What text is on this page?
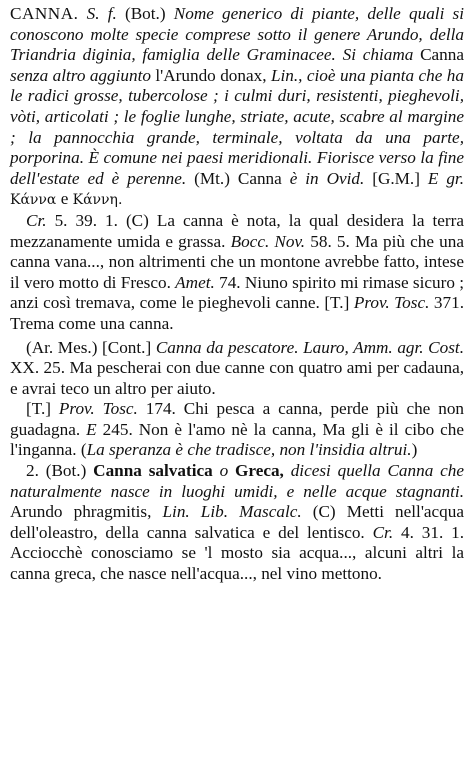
CANNA. S. f. (Bot.) Nome generico di piante, delle quali si conoscono molte specie comprese sotto il genere Arundo, della Triandria diginia, famiglia delle Graminacee. Si chiama Canna senza altro aggiunto l'Arundo donax, Lin., cioè una pianta che ha le radici grosse, tubercolose ; i culmi duri, resistenti, pieghevoli, vòti, articolati ; le foglie lunghe, striate, acute, scabre al margine ; la pannocchia grande, terminale, voltata da una parte, porporina. È comune nei paesi meridionali. Fiorisce verso la fine dell'estate ed è perenne. (Mt.) Canna è in Ovid. [G.M.] E gr. Κάννα e Κάννη.

Cr. 5. 39. 1. (C) La canna è nota, la qual desidera la terra mezzanamente umida e grassa. Bocc. Nov. 58. 5. Ma più che una canna vana..., non altrimenti che un montone avrebbe fatto, intese il vero motto di Fresco. Amet. 74. Niuno spirito mi rimase sicuro ; anzi così tremava, come le pieghevoli canne. [T.] Prov. Tosc. 371. Trema come una canna.

(Ar. Mes.) [Cont.] Canna da pescatore. Lauro, Amm. agr. Cost. XX. 25. Ma pescherai con due canne con quatro ami per cadauna, e avrai teco un altro per aiuto.

[T.] Prov. Tosc. 174. Chi pesca a canna, perde più che non guadagna. E 245. Non è l'amo nè la canna, Ma gli è il cibo che l'inganna. (La speranza è che tradisce, non l'insidia altrui.)

2. (Bot.) Canna salvatica o Greca, dicesi quella Canna che naturalmente nasce in luoghi umidi, e nelle acque stagnanti. Arundo phragmitis, Lin. Lib. Mascalc. (C) Metti nell'acqua dell'oleastro, della canna salvatica e del lentisco. Cr. 4. 31. 1. Acciocchè conosciamo se 'l mosto sia acqua..., alcuni altri la canna greca, che nasce nell'acqua..., nel vino mettono.
